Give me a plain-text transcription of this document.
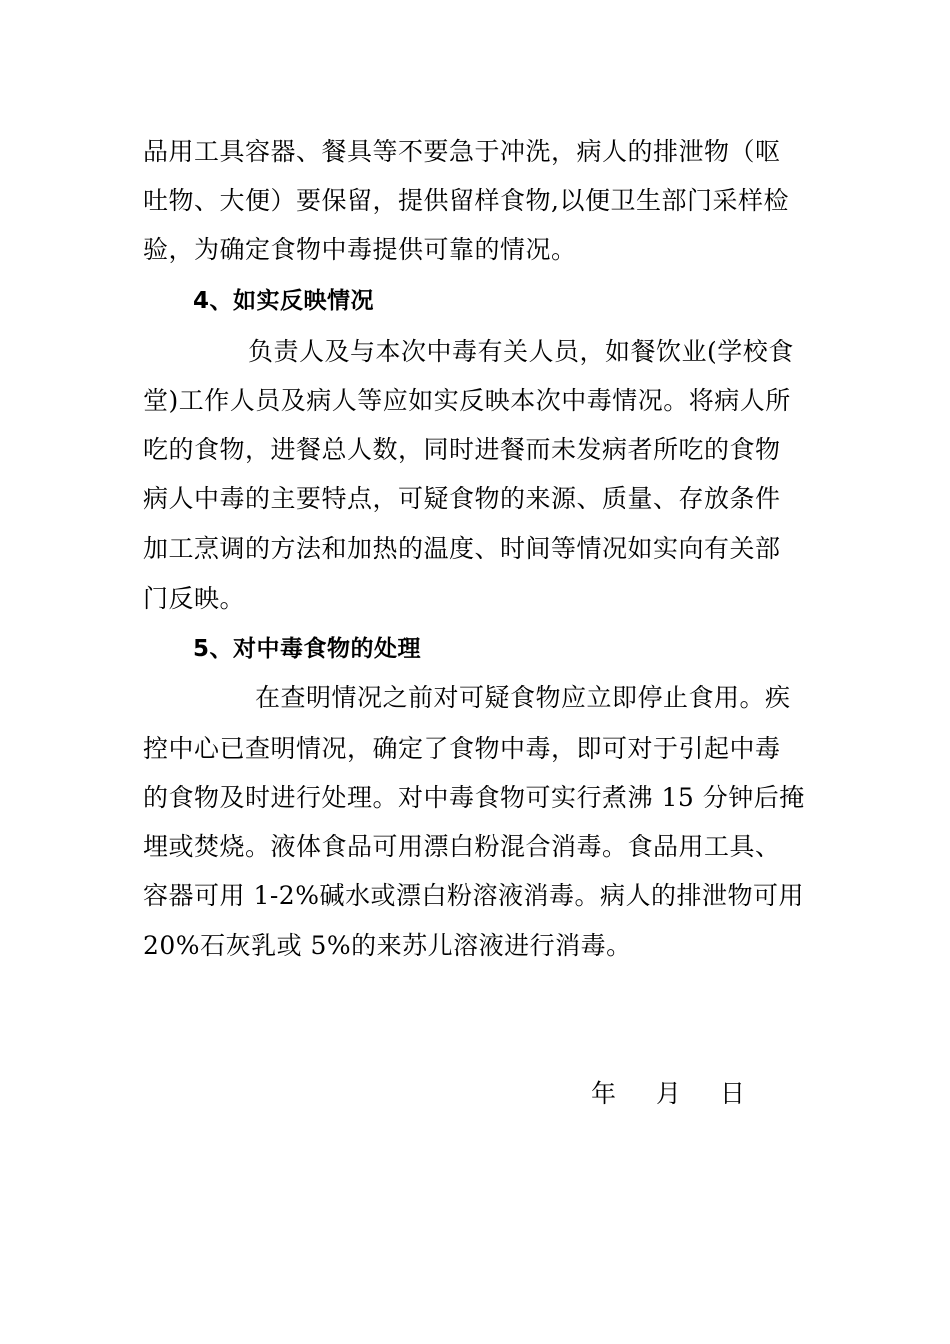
品用工具容器、餐具等不要急于冲洗，病人的排泄物（呕
吐物、大便）要保留，提供留样食物,以便卫生部门采样检
验，为确定食物中毒提供可靠的情况。
4、如实反映情况
负责人及与本次中毒有关人员，如餐饮业(学校食
堂)工作人员及病人等应如实反映本次中毒情况。将病人所
吃的食物，进餐总人数，同时进餐而未发病者所吃的食物
病人中毒的主要特点，可疑食物的来源、质量、存放条件
加工烹调的方法和加热的温度、时间等情况如实向有关部
门反映。
5、对中毒食物的处理
在查明情况之前对可疑食物应立即停止食用。疾
控中心已查明情况，确定了食物中毒，即可对于引起中毒
的食物及时进行处理。对中毒食物可实行煮沸 15 分钟后掩
埋或焚烧。液体食品可用漂白粉混合消毒。食品用工具、
容器可用 1-2%碱水或漂白粉溶液消毒。病人的排泄物可用
20%石灰乳或 5%的来苏儿溶液进行消毒。
年 月 日
